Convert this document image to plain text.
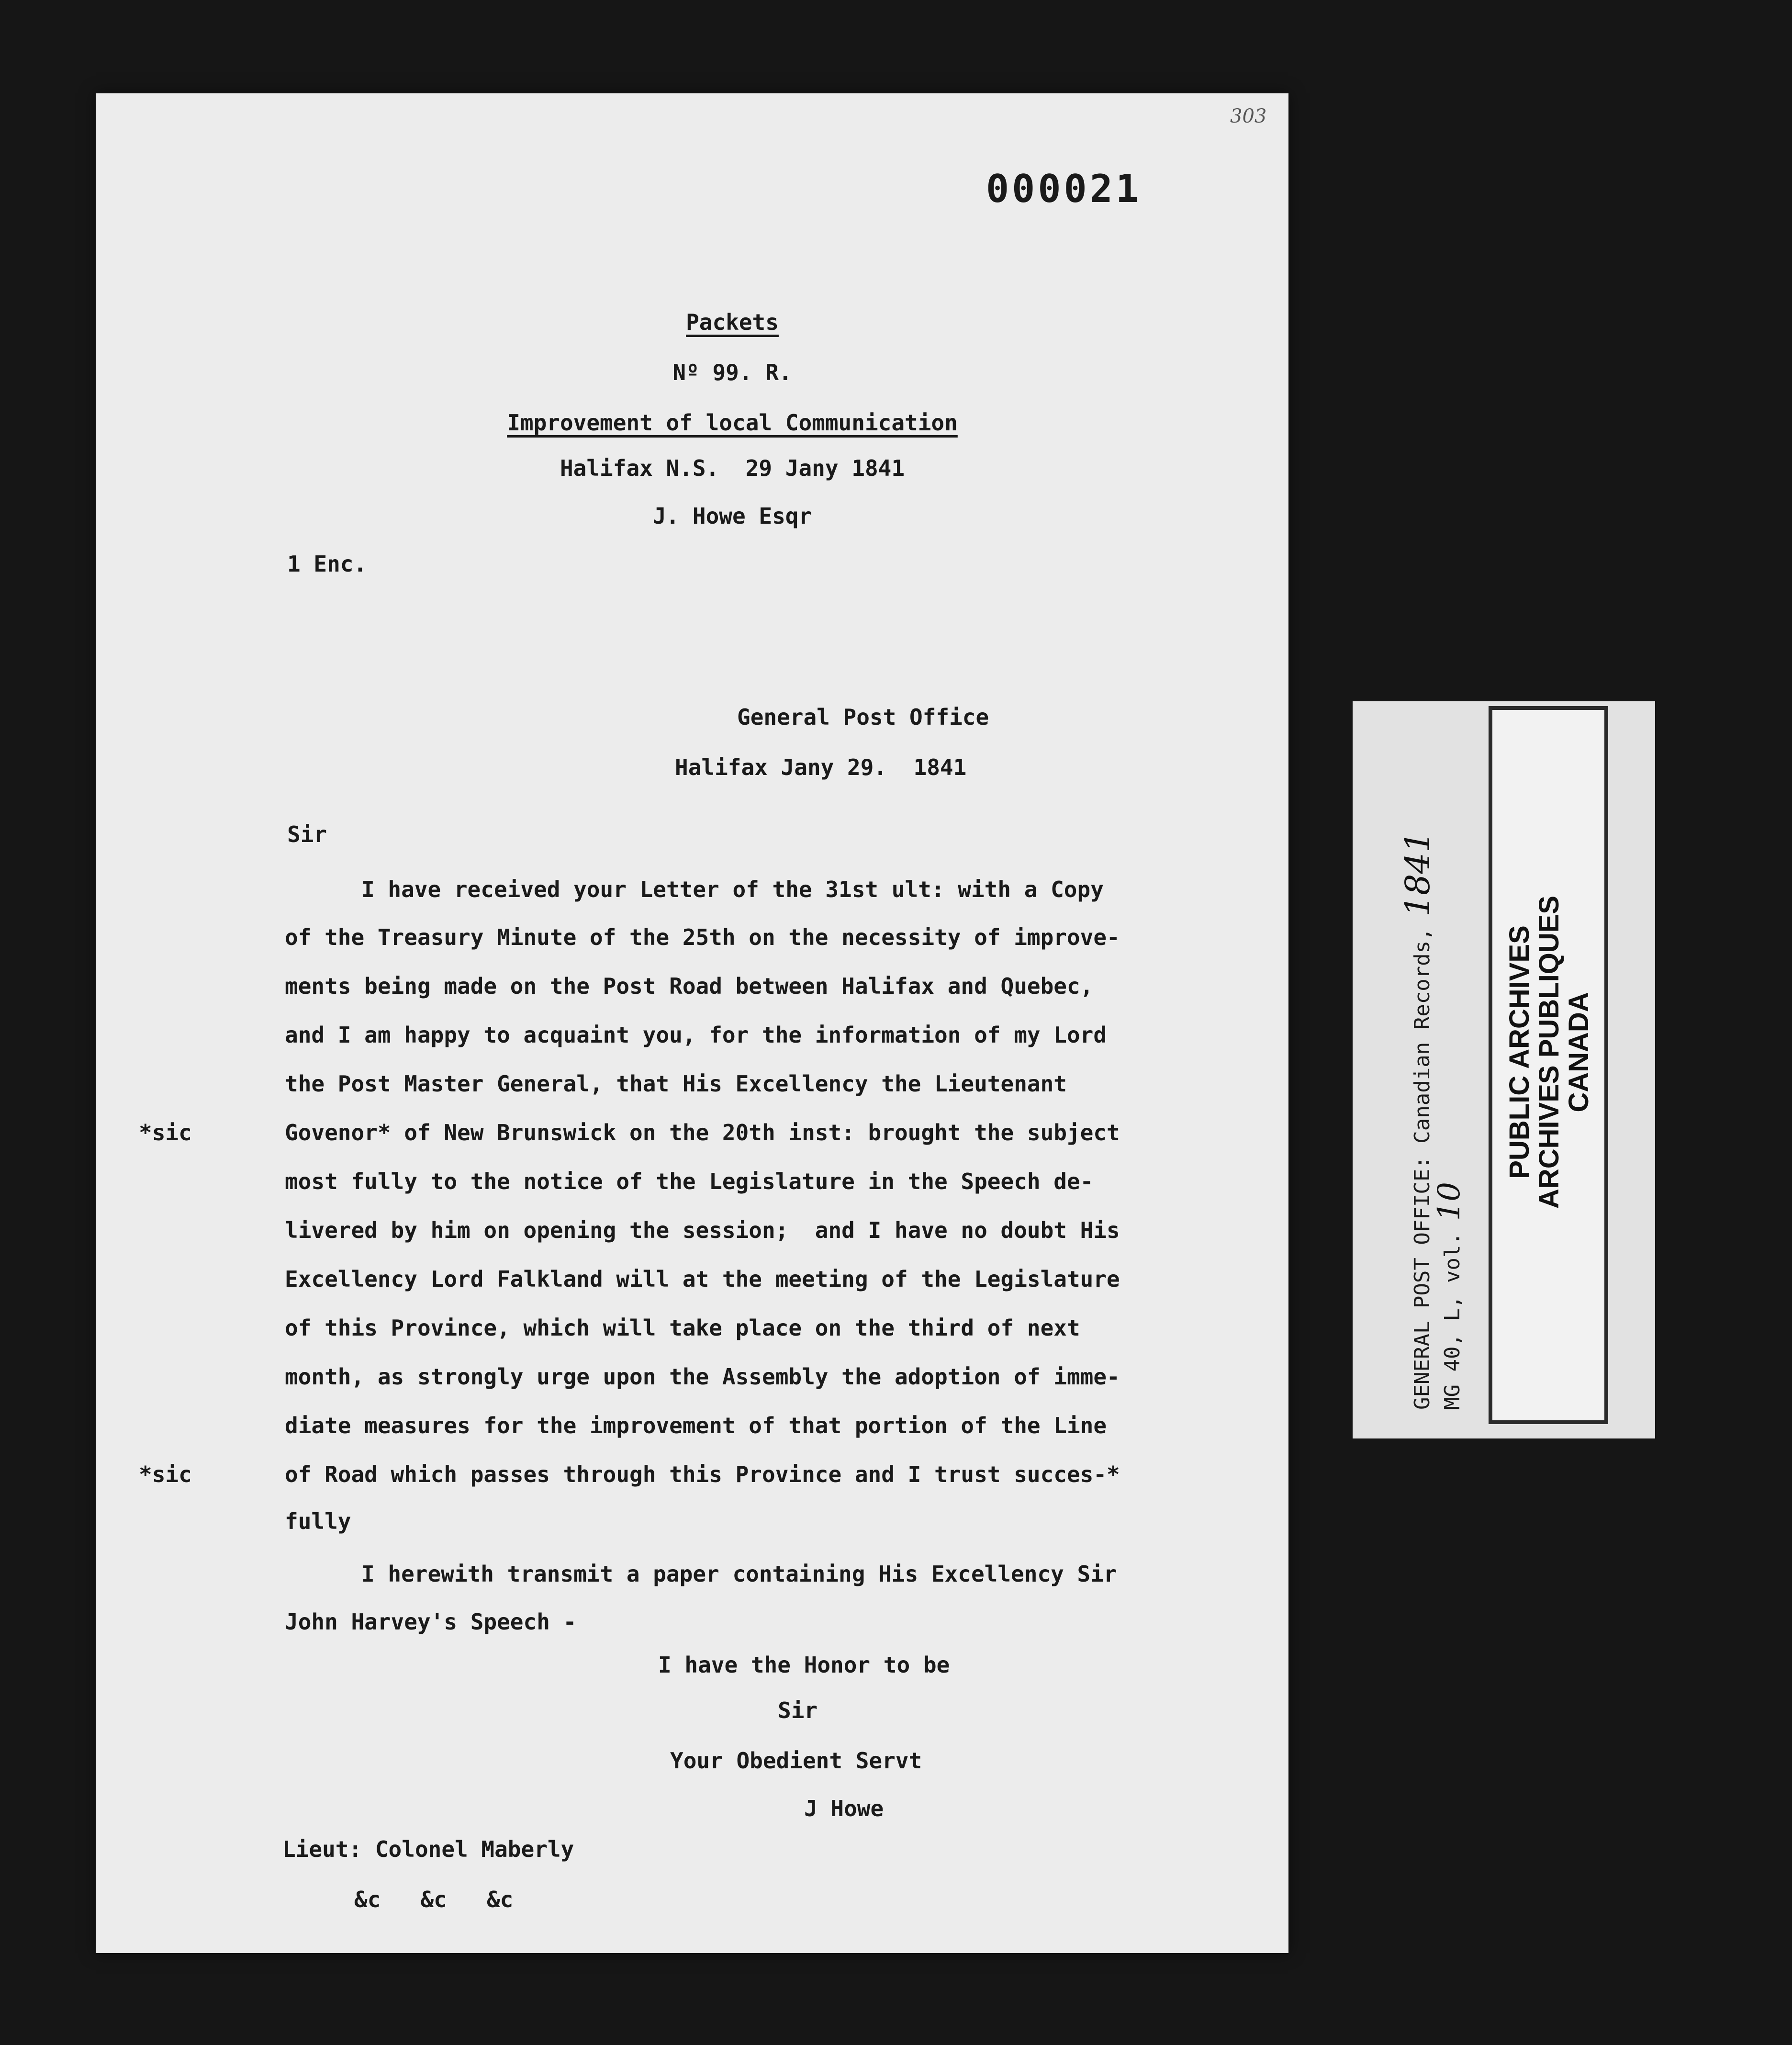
303
000021
Packets
Nº 99. R.
Improvement of local Communication
Halifax N.S.  29 Jany 1841
J. Howe Esqr
1 Enc.
General Post Office
Halifax Jany 29.  1841
Sir
I have received your Letter of the 31st ult: with a Copy
of the Treasury Minute of the 25th on the necessity of improve-
ments being made on the Post Road between Halifax and Quebec,
and I am happy to acquaint you, for the information of my Lord
the Post Master General, that His Excellency the Lieutenant
Govenor* of New Brunswick on the 20th inst: brought the subject
most fully to the notice of the Legislature in the Speech de-
livered by him on opening the session;  and I have no doubt His
Excellency Lord Falkland will at the meeting of the Legislature
of this Province, which will take place on the third of next
month, as strongly urge upon the Assembly the adoption of imme-
diate measures for the improvement of that portion of the Line
of Road which passes through this Province and I trust succes-*
fully
*sic
*sic
I herewith transmit a paper containing His Excellency Sir
John Harvey's Speech -
I have the Honor to be
Sir
Your Obedient Servt
J Howe
Lieut: Colonel Maberly
&c   &c   &c
GENERAL POST OFFICE: Canadian Records, 1841
MG 40, L, vol. 10
PUBLIC ARCHIVES
ARCHIVES PUBLIQUES
CANADA
